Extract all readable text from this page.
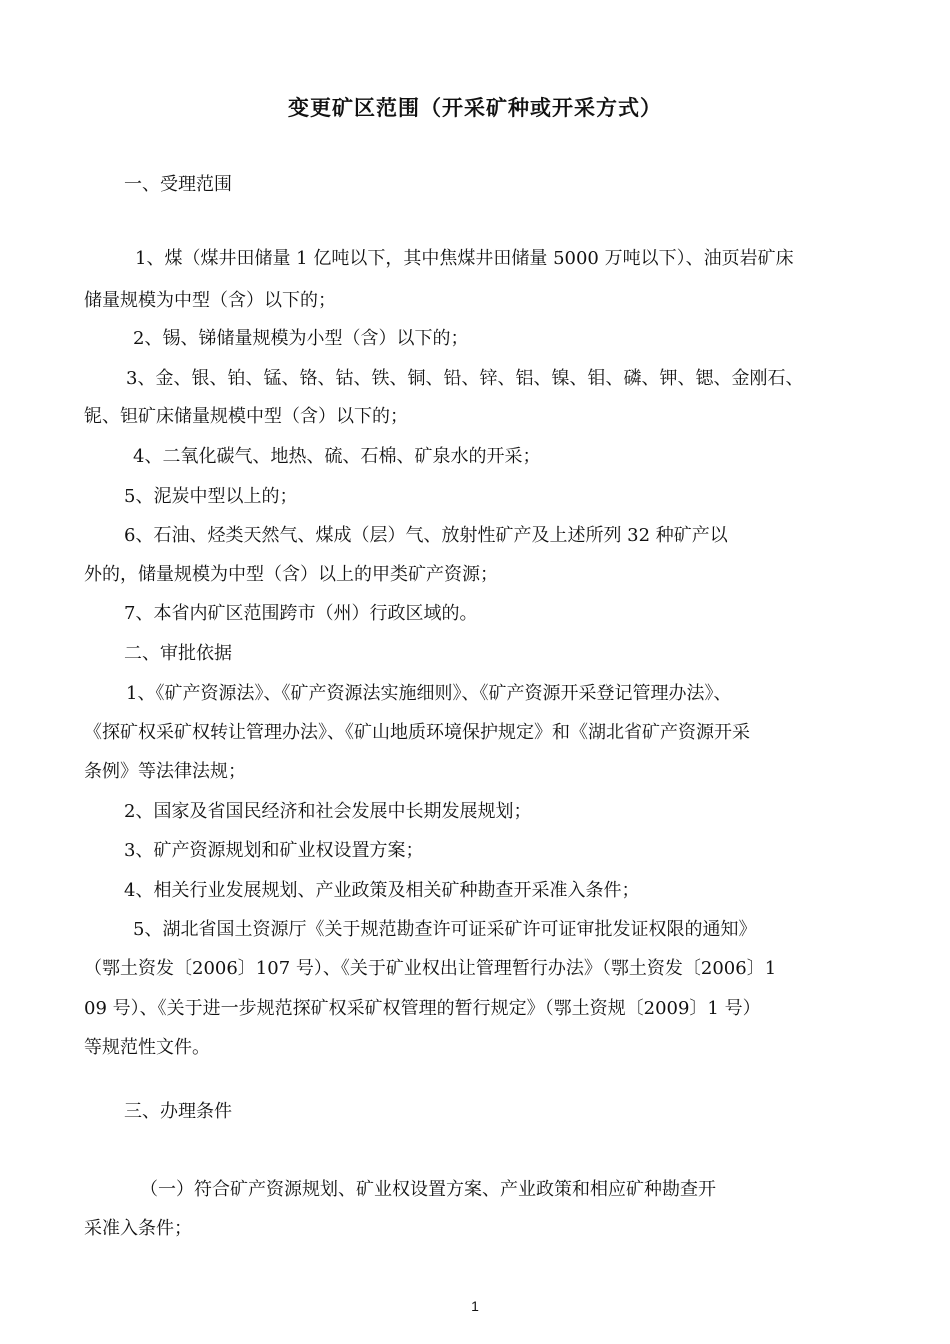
变更矿区范围（开采矿种或开采方式）
一、受理范围
1、煤（煤井田储量 1 亿吨以下，其中焦煤井田储量 5000 万吨以下）、油页岩矿床
储量规模为中型（含）以下的；
2、锡、锑储量规模为小型（含）以下的；
3、金、银、铂、锰、铬、钴、铁、铜、铅、锌、铝、镍、钼、磷、钾、锶、金刚石、
铌、钽矿床储量规模中型（含）以下的；
4、二氧化碳气、地热、硫、石棉、矿泉水的开采；
5、泥炭中型以上的；
6、石油、烃类天然气、煤成（层）气、放射性矿产及上述所列 32 种矿产以
外的，储量规模为中型（含）以上的甲类矿产资源；
7、本省内矿区范围跨市（州）行政区域的。
二、审批依据
1、《矿产资源法》、《矿产资源法实施细则》、《矿产资源开采登记管理办法》、
《探矿权采矿权转让管理办法》、《矿山地质环境保护规定》和《湖北省矿产资源开采
条例》等法律法规；
2、国家及省国民经济和社会发展中长期发展规划；
3、矿产资源规划和矿业权设置方案；
4、相关行业发展规划、产业政策及相关矿种勘查开采准入条件；
5、湖北省国土资源厅《关于规范勘查许可证采矿许可证审批发证权限的通知》
（鄂土资发〔2006〕107 号）、《关于矿业权出让管理暂行办法》（鄂土资发〔2006〕1
09 号）、《关于进一步规范探矿权采矿权管理的暂行规定》（鄂土资规〔2009〕1 号）
等规范性文件。
三、办理条件
（一）符合矿产资源规划、矿业权设置方案、产业政策和相应矿种勘查开
采准入条件；
1
